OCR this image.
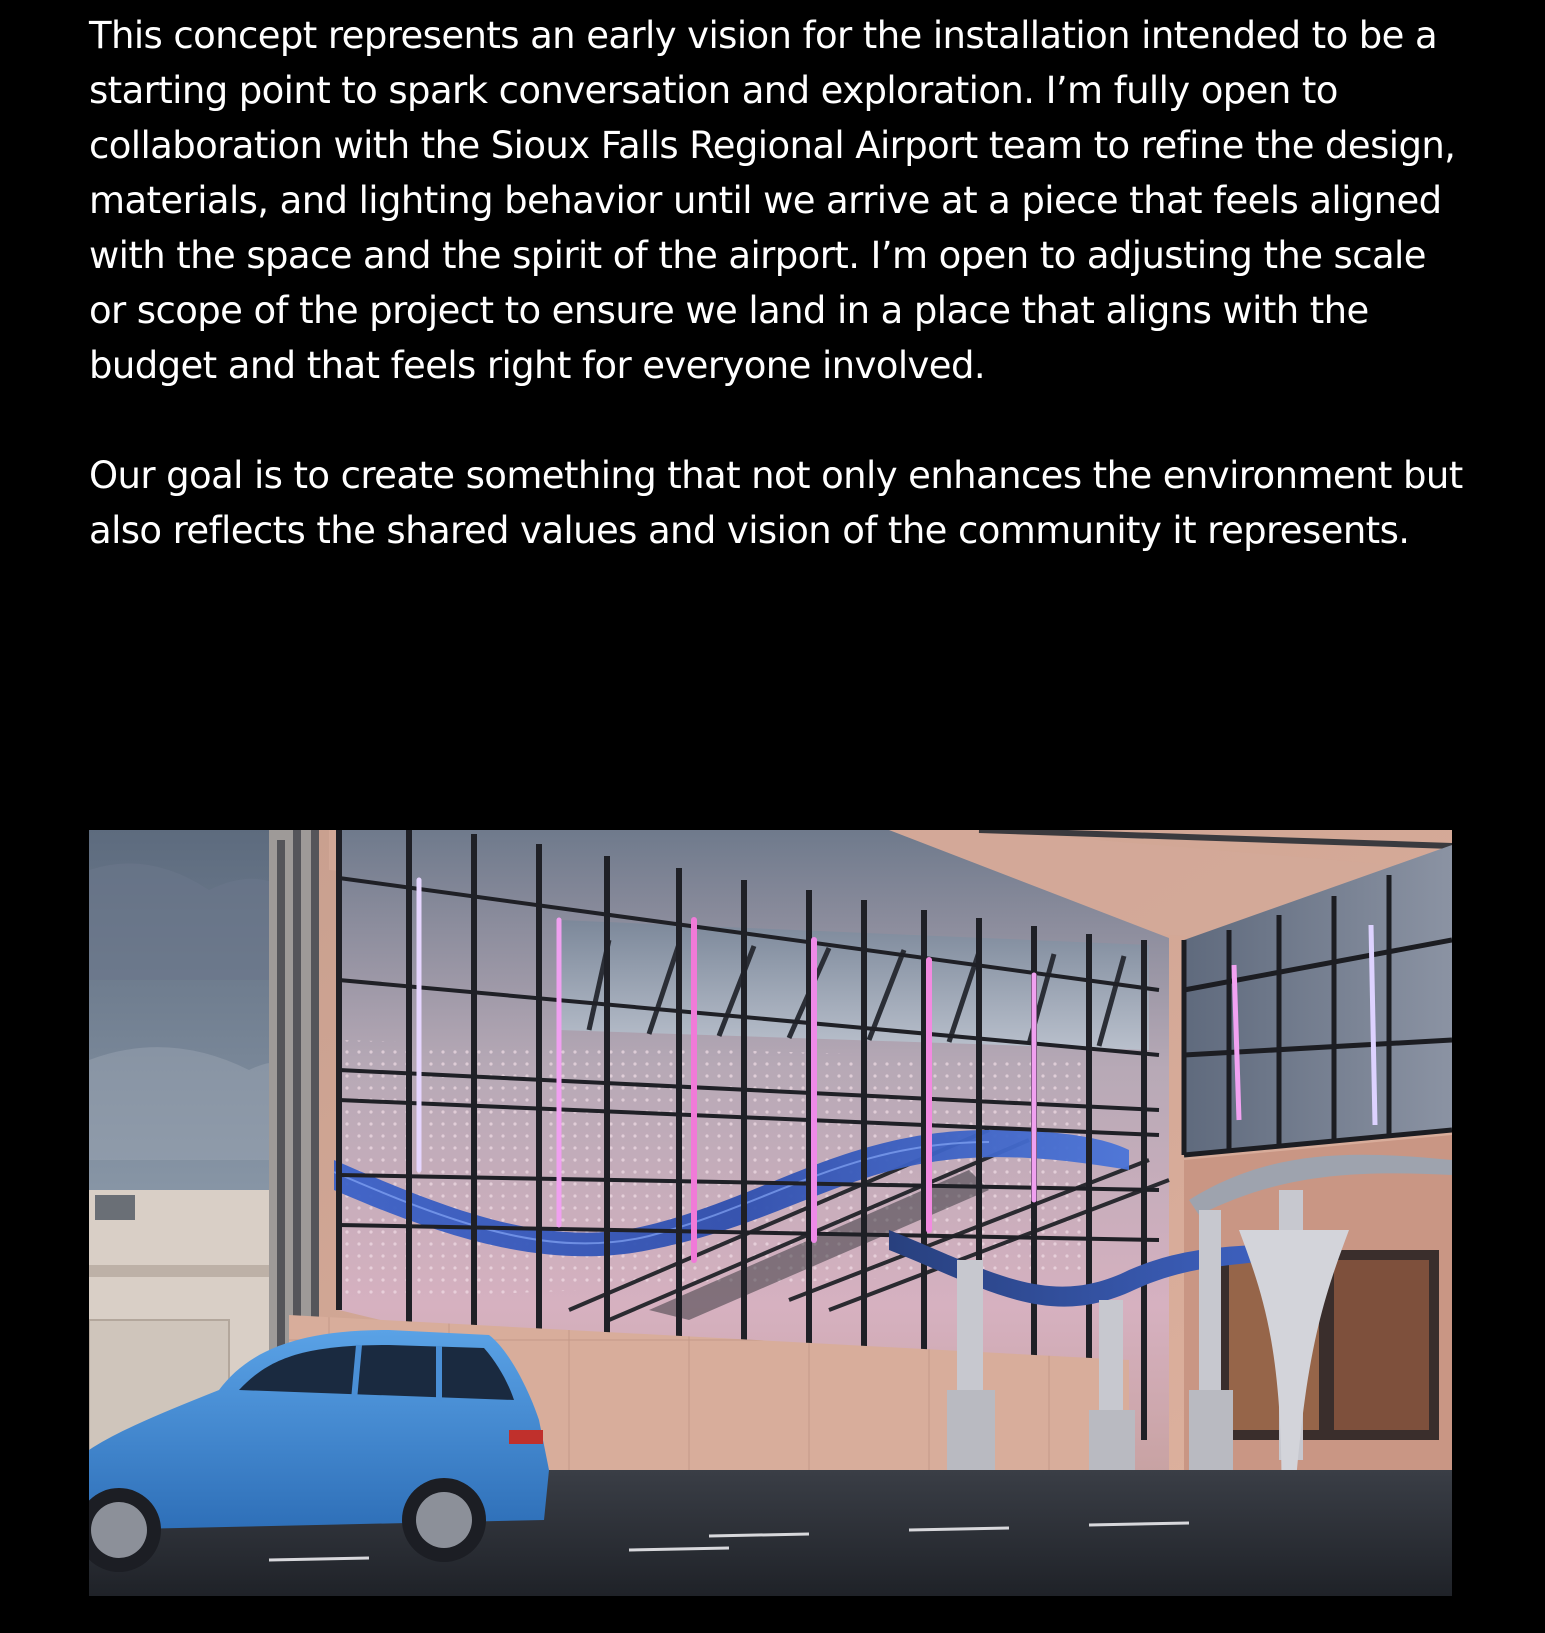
This concept represents an early vision for the installation intended to be a starting point to spark conversation and exploration. I’m fully open to collaboration with the Sioux Falls Regional Airport team to refine the design, materials, and lighting behavior until we arrive at a piece that feels aligned with the space and the spirit of the airport. I’m open to adjusting the scale or scope of the project to ensure we land in a place that aligns with the budget and that feels right for everyone involved.

Our goal is to create something that not only enhances the environment but also reflects the shared values and vision of the community it represents.
